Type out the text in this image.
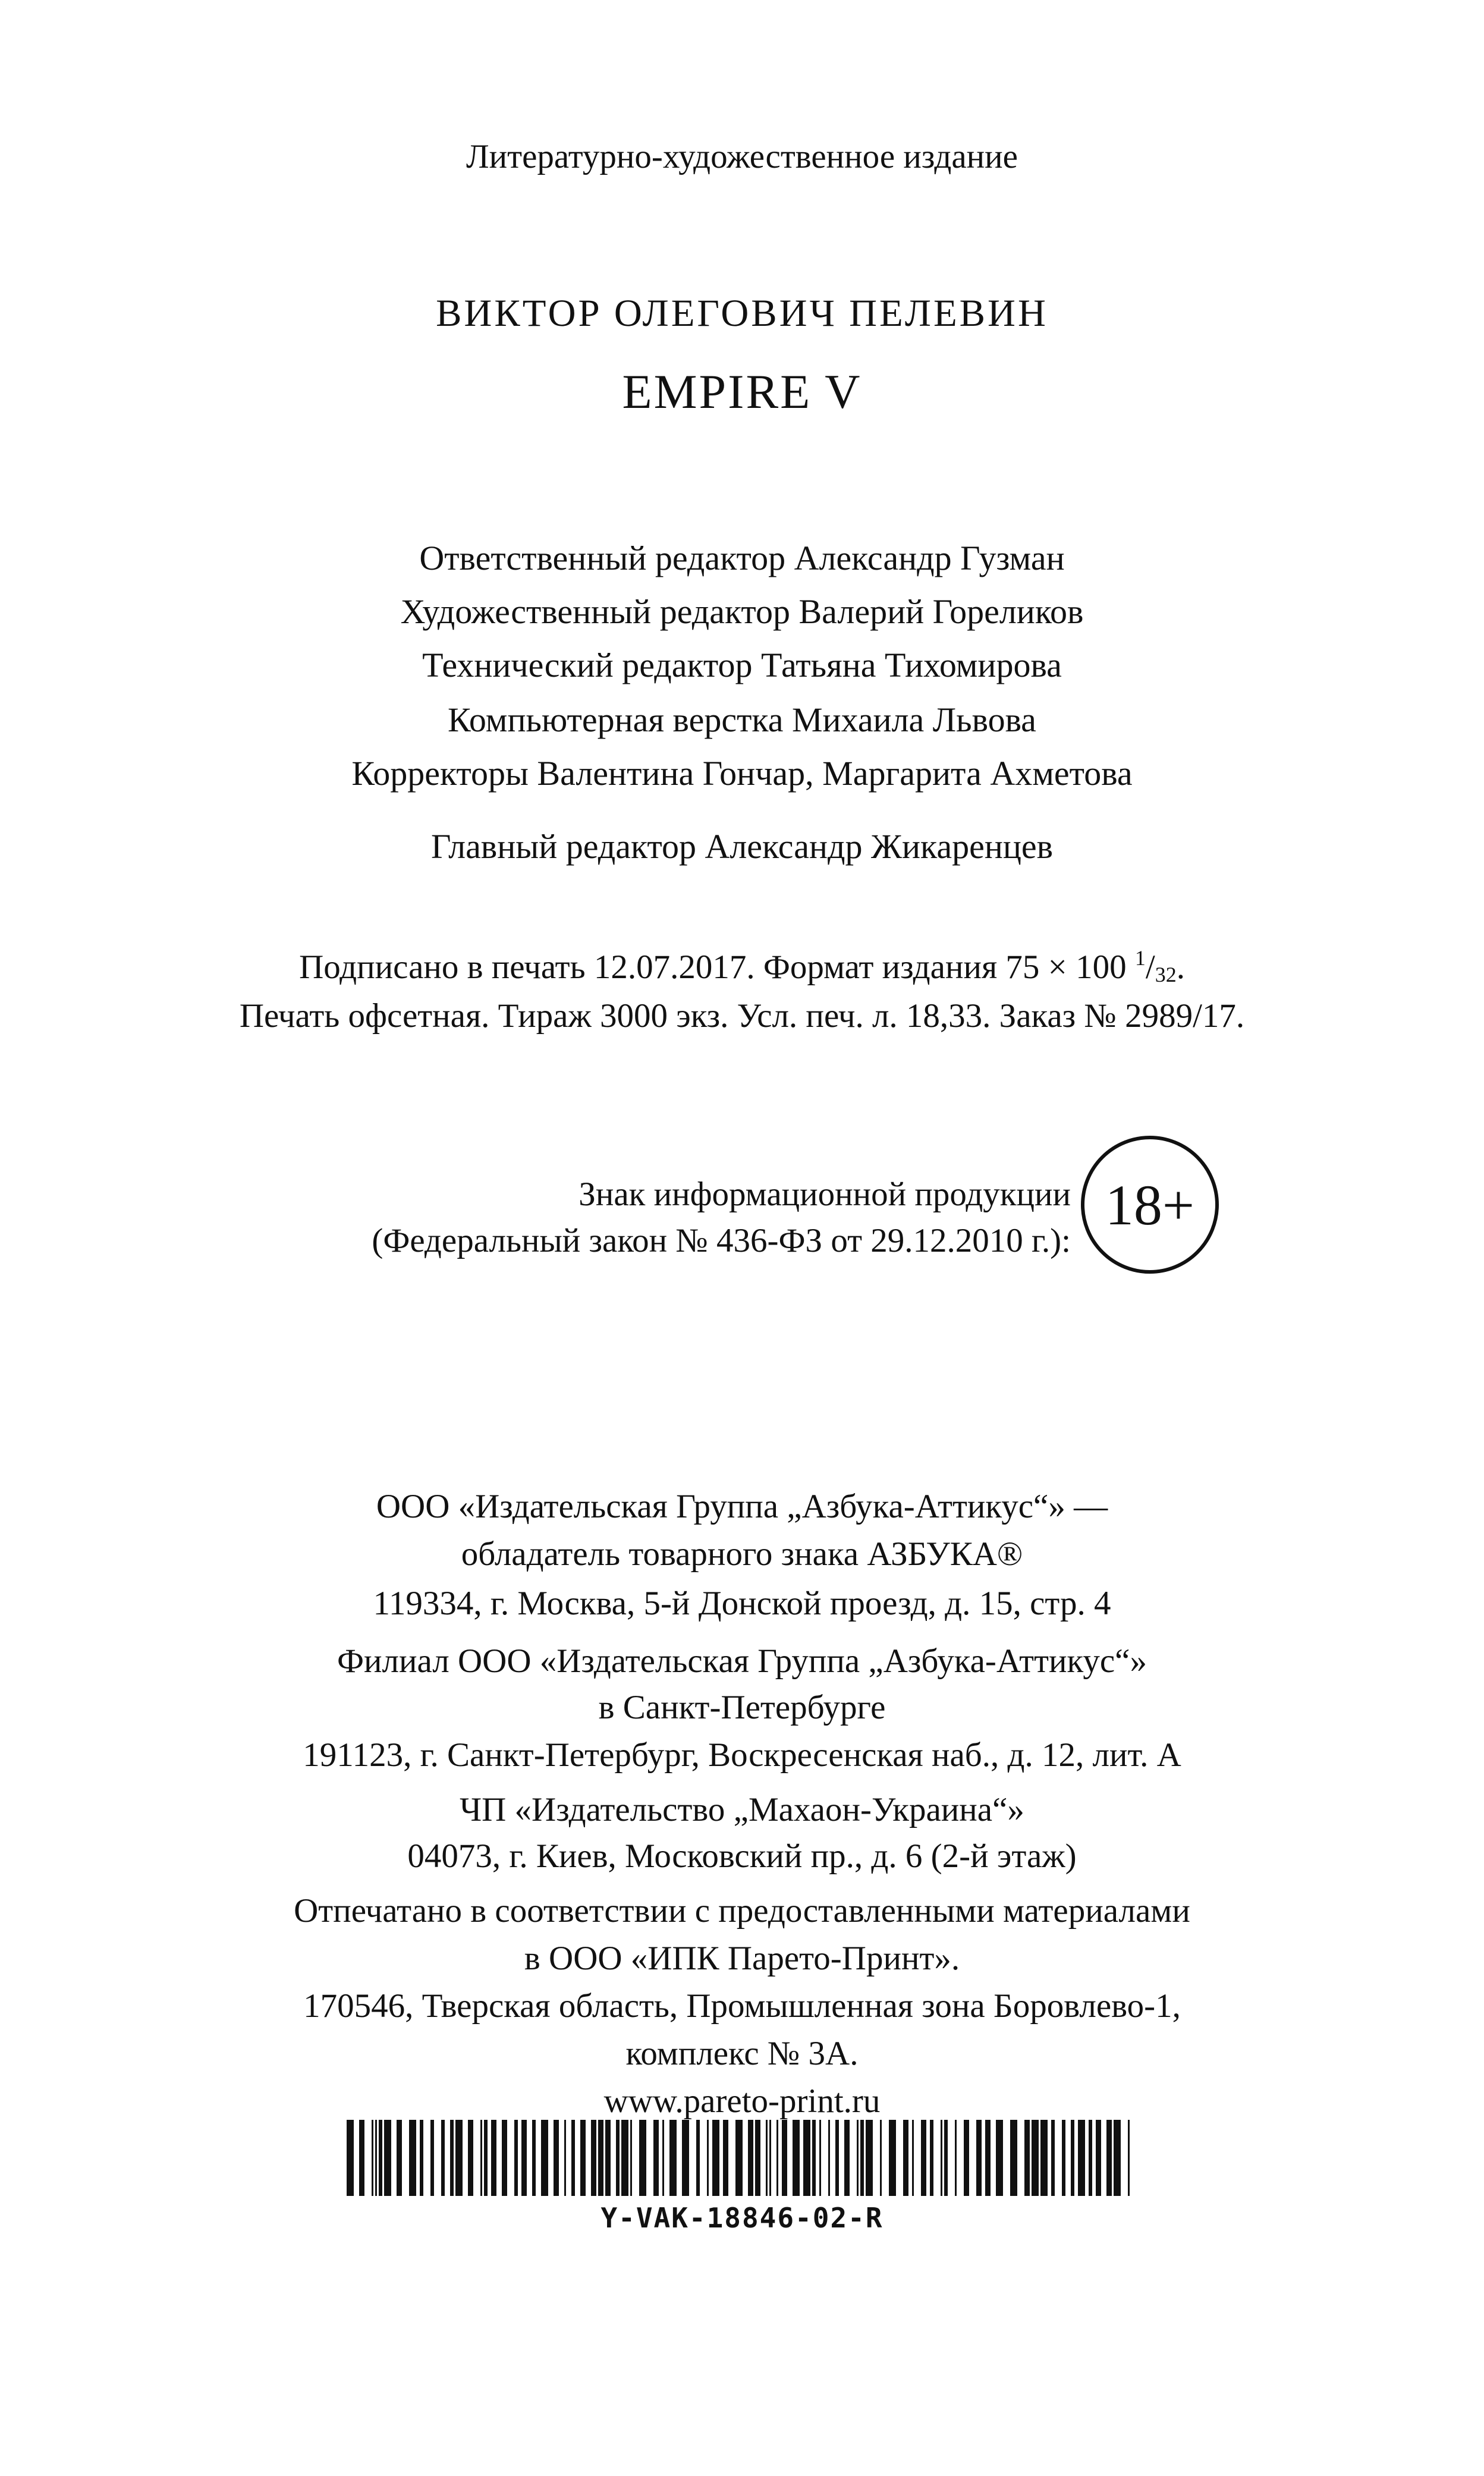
Литературно-художественное издание
ВИКТОР ОЛЕГОВИЧ ПЕЛЕВИН
EMPIRE V
Ответственный редактор Александр Гузман
Художественный редактор Валерий Гореликов
Технический редактор Татьяна Тихомирова
Компьютерная верстка Михаила Львова
Корректоры Валентина Гончар, Маргарита Ахметова
Главный редактор Александр Жикаренцев
Подписано в печать 12.07.2017. Формат издания 75 × 100 $^1/_{32}$.
Печать офсетная. Тираж 3000 экз. Усл. печ. л. 18,33. Заказ № 2989/17.
Знак информационной продукции
(Федеральный закон № 436-ФЗ от 29.12.2010 г.):
18+
ООО «Издательская Группа „Азбука-Аттикус“» —
обладатель товарного знака АЗБУКА®
119334, г. Москва, 5-й Донской проезд, д. 15, стр. 4
Филиал ООО «Издательская Группа „Азбука-Аттикус“»
в Санкт-Петербурге
191123, г. Санкт-Петербург, Воскресенская наб., д. 12, лит. А
ЧП «Издательство „Махаон-Украина“»
04073, г. Киев, Московский пр., д. 6 (2-й этаж)
Отпечатано в соответствии с предоставленными материалами
в ООО «ИПК Парето-Принт».
170546, Тверская область, Промышленная зона Боровлево-1,
комплекс № 3А.
www.pareto-print.ru
Y-VAK-18846-02-R
